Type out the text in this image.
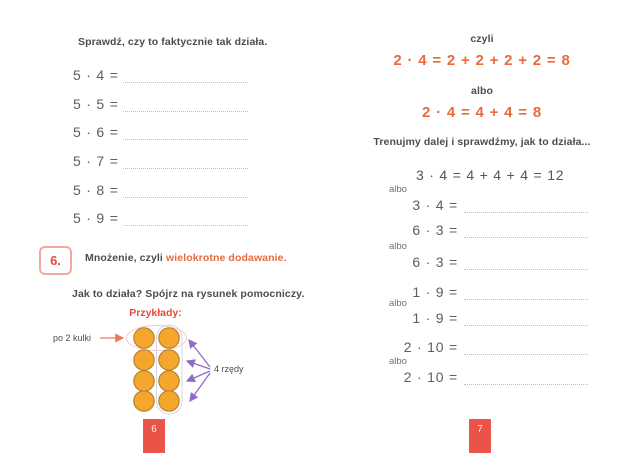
Sprawdź, czy to faktycznie tak działa.
5 · 4 =
5 · 5 =
5 · 6 =
5 · 7 =
5 · 8 =
5 · 9 =
6.	Mnożenie, czyli wielokrotne dodawanie.
Jak to działa? Spójrz na rysunek pomocniczy.
Przykłady:
po 2 kulki
4 rzędy
6
czyli
2 · 4 = 2 + 2 + 2 + 2 = 8
albo
2 · 4 = 4 + 4 = 8
Trenujmy dalej i sprawdźmy, jak to działa...
3 · 4 = 4 + 4 + 4 = 12
albo
3 · 4 =
6 · 3 =
albo
6 · 3 =
1 · 9 =
albo
1 · 9 =
2 · 10 =
albo
2 · 10 =
7
